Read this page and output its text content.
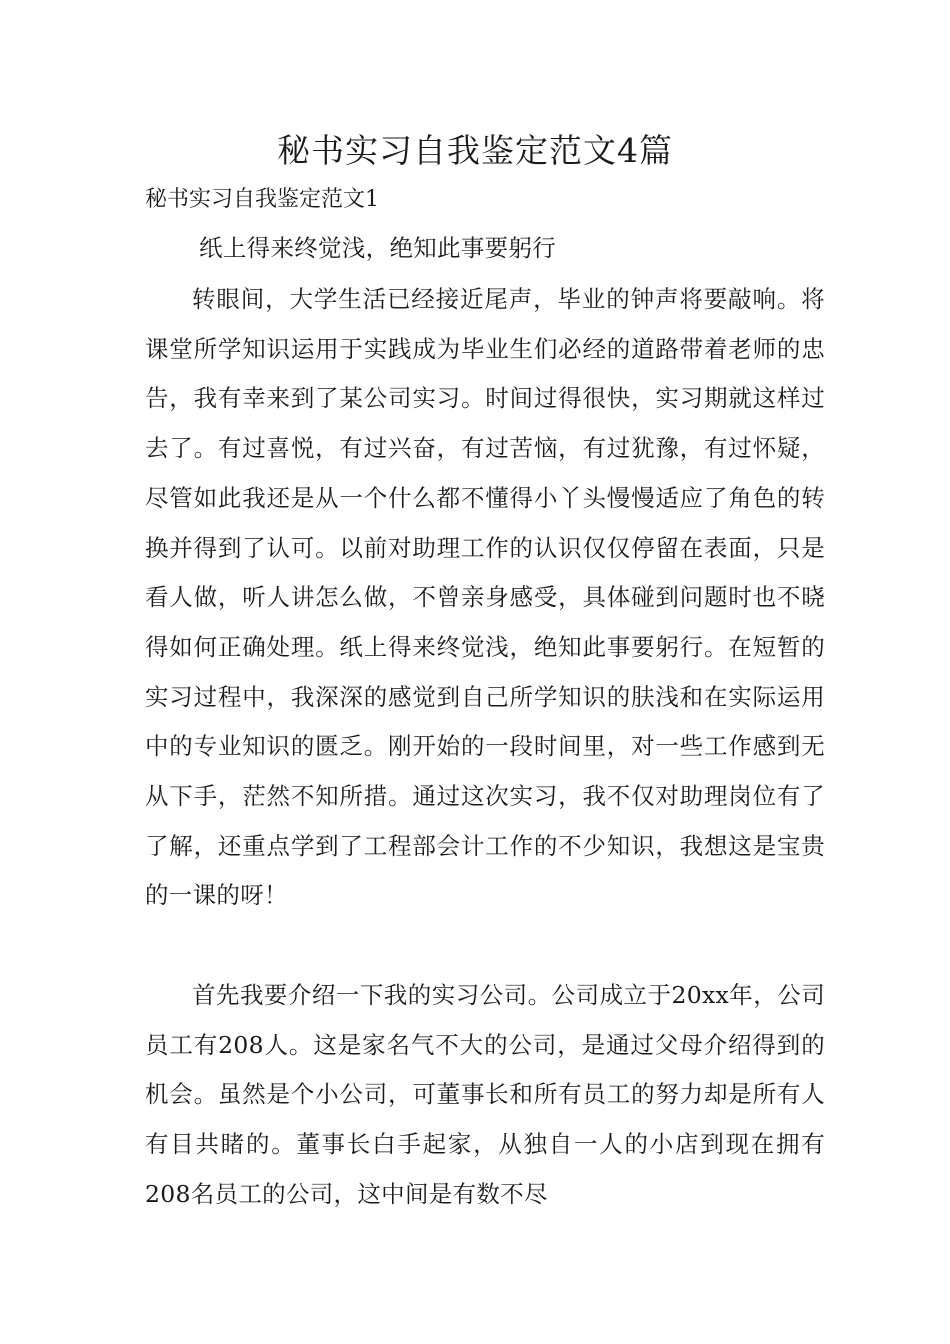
秘书实习自我鉴定范文4篇

秘书实习自我鉴定范文1

纸上得来终觉浅，绝知此事要躬行

转眼间，大学生活已经接近尾声，毕业的钟声将要敲响。将课堂所学知识运用于实践成为毕业生们必经的道路带着老师的忠告，我有幸来到了某公司实习。时间过得很快，实习期就这样过去了。有过喜悦，有过兴奋，有过苦恼，有过犹豫，有过怀疑，尽管如此我还是从一个什么都不懂得小丫头慢慢适应了角色的转换并得到了认可。以前对助理工作的认识仅仅停留在表面，只是看人做，听人讲怎么做，不曾亲身感受，具体碰到问题时也不晓得如何正确处理。纸上得来终觉浅，绝知此事要躬行。在短暂的实习过程中，我深深的感觉到自己所学知识的肤浅和在实际运用中的专业知识的匮乏。刚开始的一段时间里，对一些工作感到无从下手，茫然不知所措。通过这次实习，我不仅对助理岗位有了了解，还重点学到了工程部会计工作的不少知识，我想这是宝贵的一课的呀！

首先我要介绍一下我的实习公司。公司成立于20xx年，公司员工有208人。这是家名气不大的公司，是通过父母介绍得到的机会。虽然是个小公司，可董事长和所有员工的努力却是所有人有目共睹的。董事长白手起家，从独自一人的小店到现在拥有208名员工的公司，这中间是有数不尽
